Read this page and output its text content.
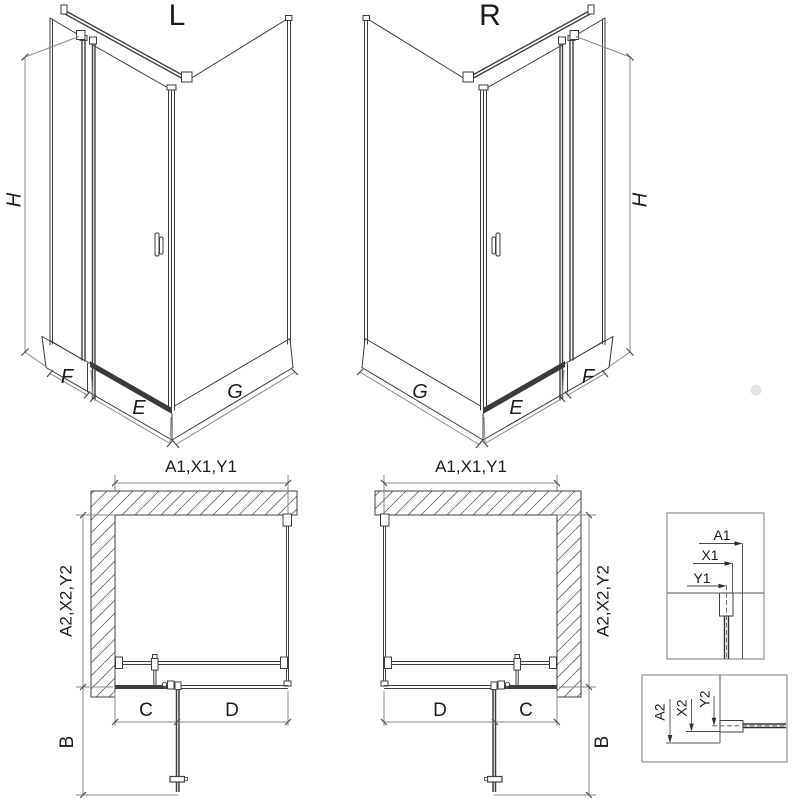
L
H
F
E
G
R
H
F
E
G
A1,X1,Y1
A2,X2,Y2
C	D
B
A1,X1,Y1
A2,X2,Y2
D	C
B
A1
X1
Y1
A2 X2
Y2
